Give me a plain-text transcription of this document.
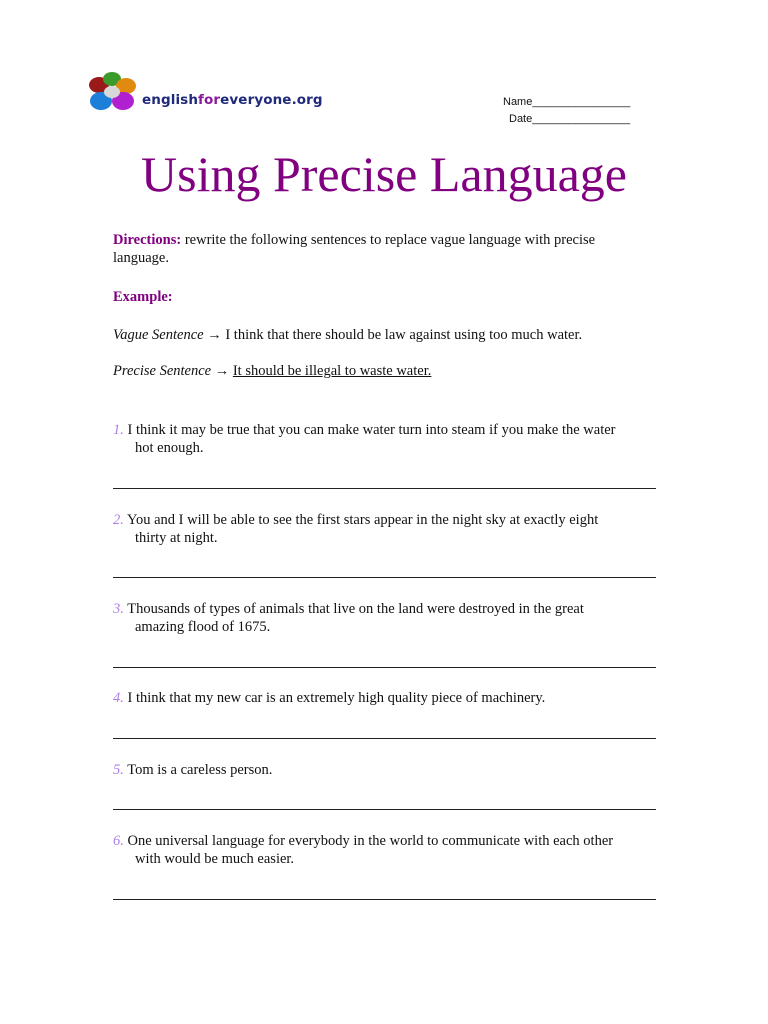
englishforeveryone.org	Name________________
Date________________
Using Precise Language
Directions: rewrite the following sentences to replace vague language with precise language.
Example:
Vague Sentence → I think that there should be law against using too much water.
Precise Sentence → It should be illegal to waste water.
1. I think it may be true that you can make water turn into steam if you make the water
hot enough.
2. You and I will be able to see the first stars appear in the night sky at exactly eight
thirty at night.
3. Thousands of types of animals that live on the land were destroyed in the great
amazing flood of 1675.
4. I think that my new car is an extremely high quality piece of machinery.
5. Tom is a careless person.
6. One universal language for everybody in the world to communicate with each other
with would be much easier.
